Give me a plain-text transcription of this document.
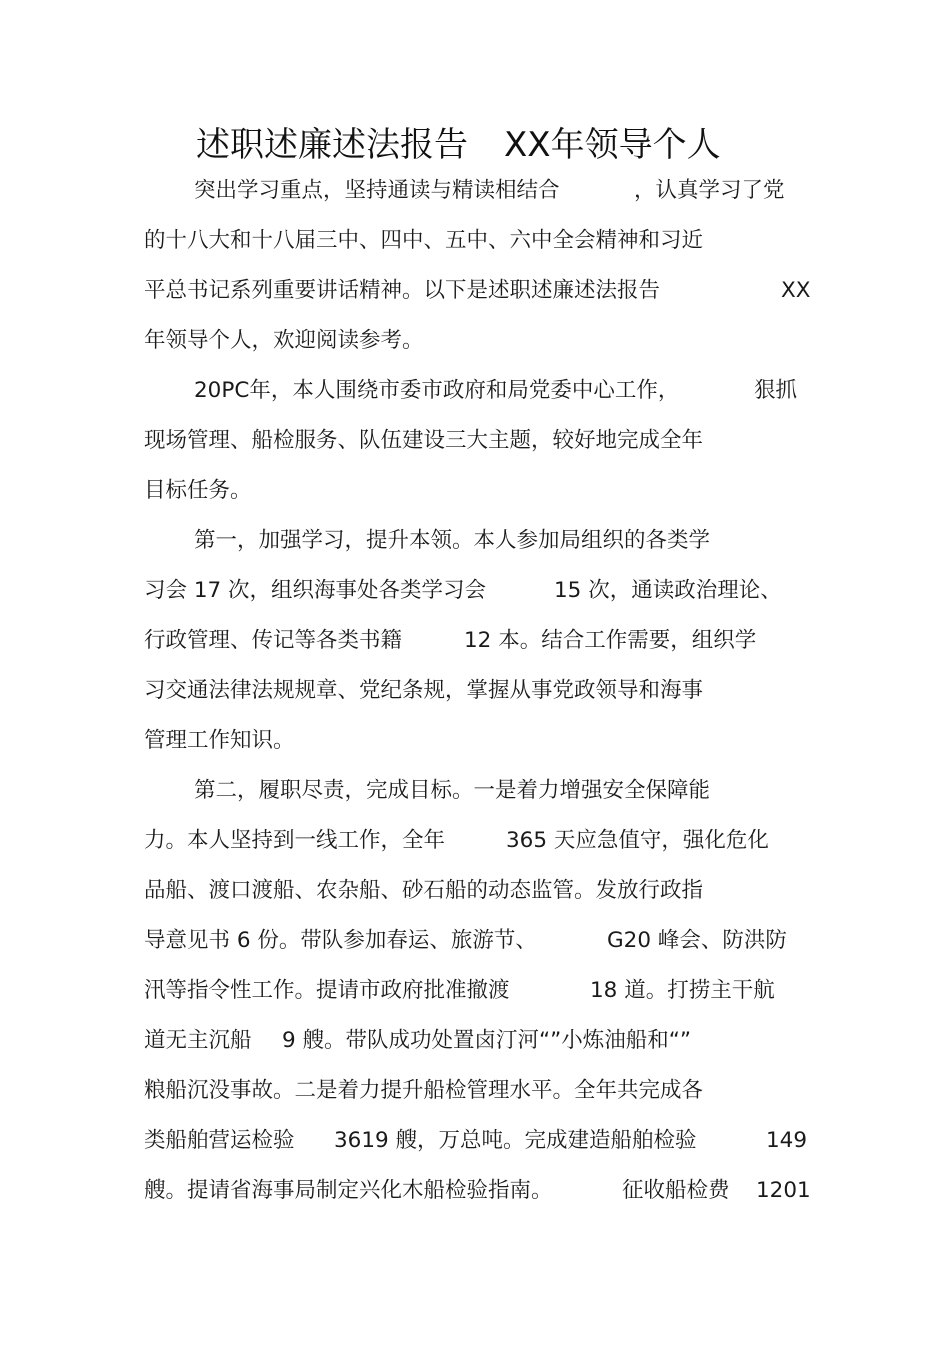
述职述廉述法报告 XX年领导个人
突出学习重点，坚持通读与精读相结合	，认真学习了党
的十八大和十八届三中、四中、五中、六中全会精神和习近
平总书记系列重要讲话精神。以下是述职述廉述法报告	XX
年领导个人，欢迎阅读参考。
20PC年，本人围绕市委市政府和局党委中心工作，	狠抓
现场管理、船检服务、队伍建设三大主题，较好地完成全年
目标任务。
第一，加强学习，提升本领。本人参加局组织的各类学
习会 17 次，组织海事处各类学习会	15 次，通读政治理论、
行政管理、传记等各类书籍	12 本。结合工作需要，组织学
习交通法律法规规章、党纪条规，掌握从事党政领导和海事
管理工作知识。
第二，履职尽责，完成目标。一是着力增强安全保障能
力。本人坚持到一线工作，全年	365 天应急值守，强化危化
品船、渡口渡船、农杂船、砂石船的动态监管。发放行政指
导意见书 6 份。带队参加春运、旅游节、	G20 峰会、防洪防
汛等指令性工作。提请市政府批准撤渡	18 道。打捞主干航
道无主沉船 9 艘。带队成功处置卤汀河“”小炼油船和“”
粮船沉没事故。二是着力提升船检管理水平。全年共完成各
类船舶营运检验 3619 艘，万总吨。完成建造船舶检验	149
艘。提请省海事局制定兴化木船检验指南。	征收船检费 1201
